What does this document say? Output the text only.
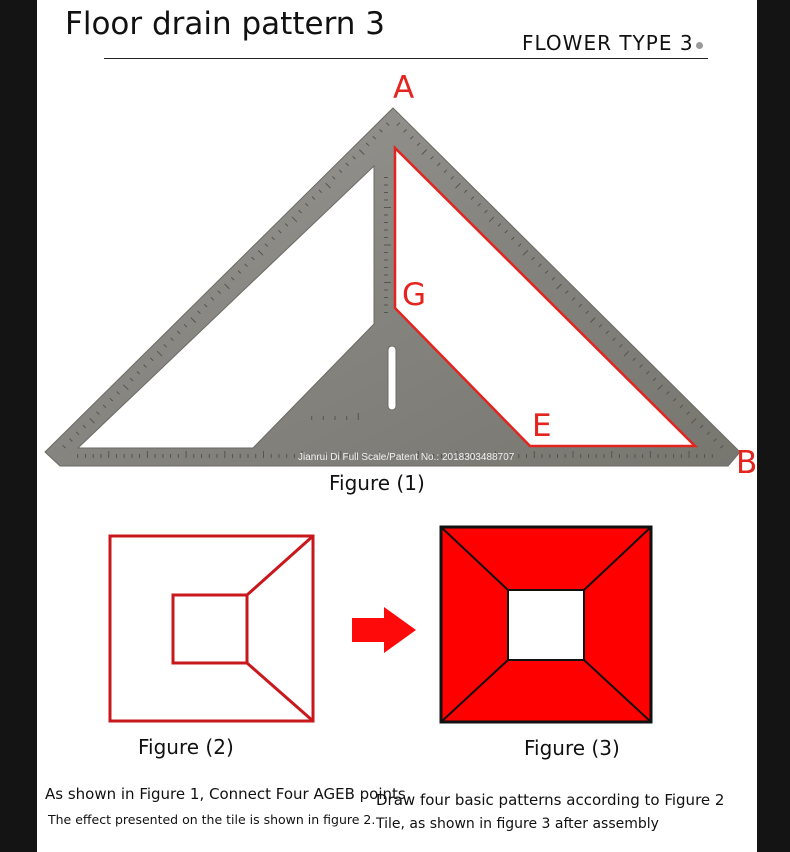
Floor drain pattern 3
FLOWER TYPE 3
Jianrui Di Full Scale/Patent No.: 2018303488707
A
B
G
E
Figure (1)
Figure (2)	Figure (3)
As shown in Figure 1, Connect Four AGEB points
The effect presented on the tile is shown in figure 2.
Draw four basic patterns according to Figure 2
Tile, as shown in figure 3 after assembly
